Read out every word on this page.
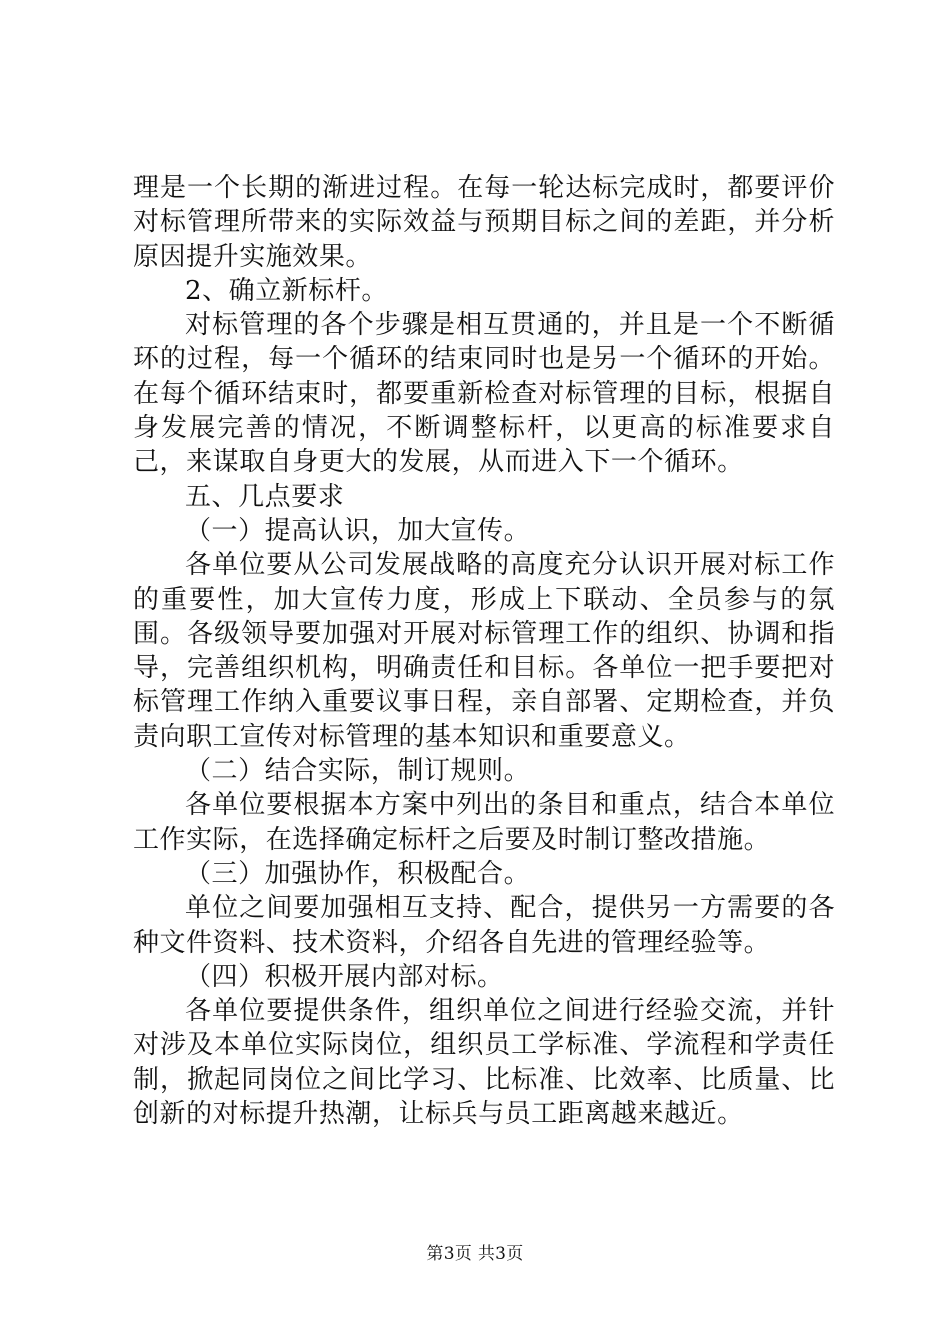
理是一个长期的渐进过程。在每一轮达标完成时，都要评价对标管理所带来的实际效益与预期目标之间的差距，并分析原因提升实施效果。

2、确立新标杆。

对标管理的各个步骤是相互贯通的，并且是一个不断循环的过程，每一个循环的结束同时也是另一个循环的开始。在每个循环结束时，都要重新检查对标管理的目标，根据自身发展完善的情况，不断调整标杆，以更高的标准要求自己，来谋取自身更大的发展，从而进入下一个循环。

五、几点要求

（一）提高认识，加大宣传。

各单位要从公司发展战略的高度充分认识开展对标工作的重要性，加大宣传力度，形成上下联动、全员参与的氛围。各级领导要加强对开展对标管理工作的组织、协调和指导，完善组织机构，明确责任和目标。各单位一把手要把对标管理工作纳入重要议事日程，亲自部署、定期检查，并负责向职工宣传对标管理的基本知识和重要意义。

（二）结合实际，制订规则。

各单位要根据本方案中列出的条目和重点，结合本单位工作实际，在选择确定标杆之后要及时制订整改措施。

（三）加强协作，积极配合。

单位之间要加强相互支持、配合，提供另一方需要的各种文件资料、技术资料，介绍各自先进的管理经验等。

（四）积极开展内部对标。

各单位要提供条件，组织单位之间进行经验交流，并针对涉及本单位实际岗位，组织员工学标准、学流程和学责任制，掀起同岗位之间比学习、比标准、比效率、比质量、比创新的对标提升热潮，让标兵与员工距离越来越近。

第3页 共3页
